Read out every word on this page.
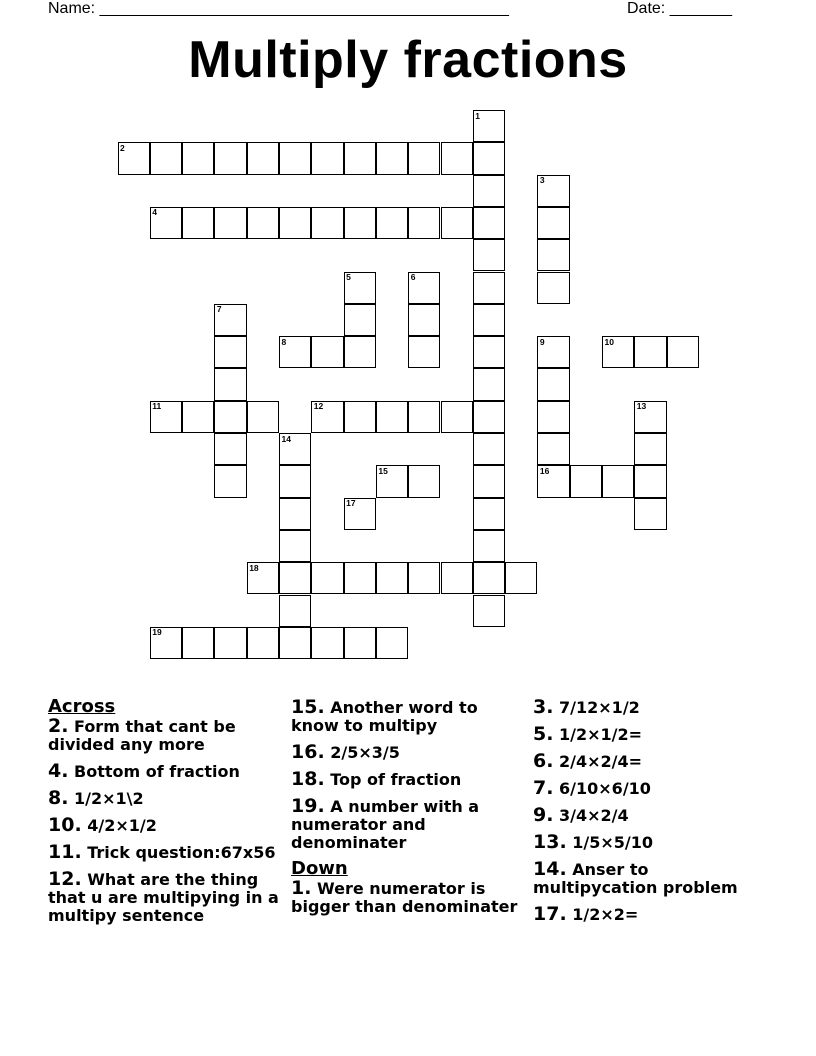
Name: ______________________________________________	Date: _______
Multiply fractions
1
2
3
4
5	6
7
8	9
16
10
11	12	13
14
15
17
18
19
Across
2. Form that cant be divided any more
4. Bottom of fraction
8. 1/2×1\2
10. 4/2×1/2
11. Trick question:67x56
12. What are the thing that u are multipying in a multipy sentence
15. Another word to know to multipy
16. 2/5×3/5
18. Top of fraction
19. A number with a numerator and denominater
Down
1. Were numerator is bigger than denominater
3. 7/12×1/2
5. 1/2×1/2=
6. 2/4×2/4=
7. 6/10×6/10
9. 3/4×2/4
13. 1/5×5/10
14. Anser to multipycation problem
17. 1/2×2=
